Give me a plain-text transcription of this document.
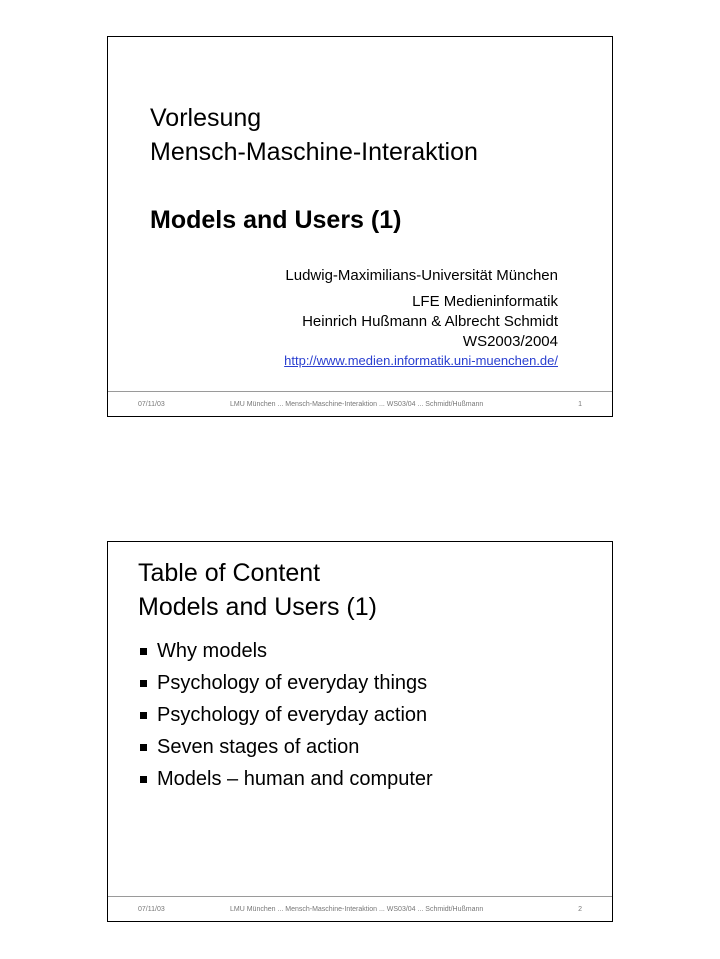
Vorlesung
Mensch-Maschine-Interaktion
Models and Users (1)
Ludwig-Maximilians-Universität München
LFE Medieninformatik
Heinrich Hußmann & Albrecht Schmidt
WS2003/2004
http://www.medien.informatik.uni-muenchen.de/
07/11/03	LMU München ... Mensch-Maschine-Interaktion ... WS03/04 ... Schmidt/Hußmann	1
Table of Content
Models and Users (1)
Why models
Psychology of everyday things
Psychology of everyday action
Seven stages of action
Models – human and computer
07/11/03	LMU München ... Mensch-Maschine-Interaktion ... WS03/04 ... Schmidt/Hußmann	2
